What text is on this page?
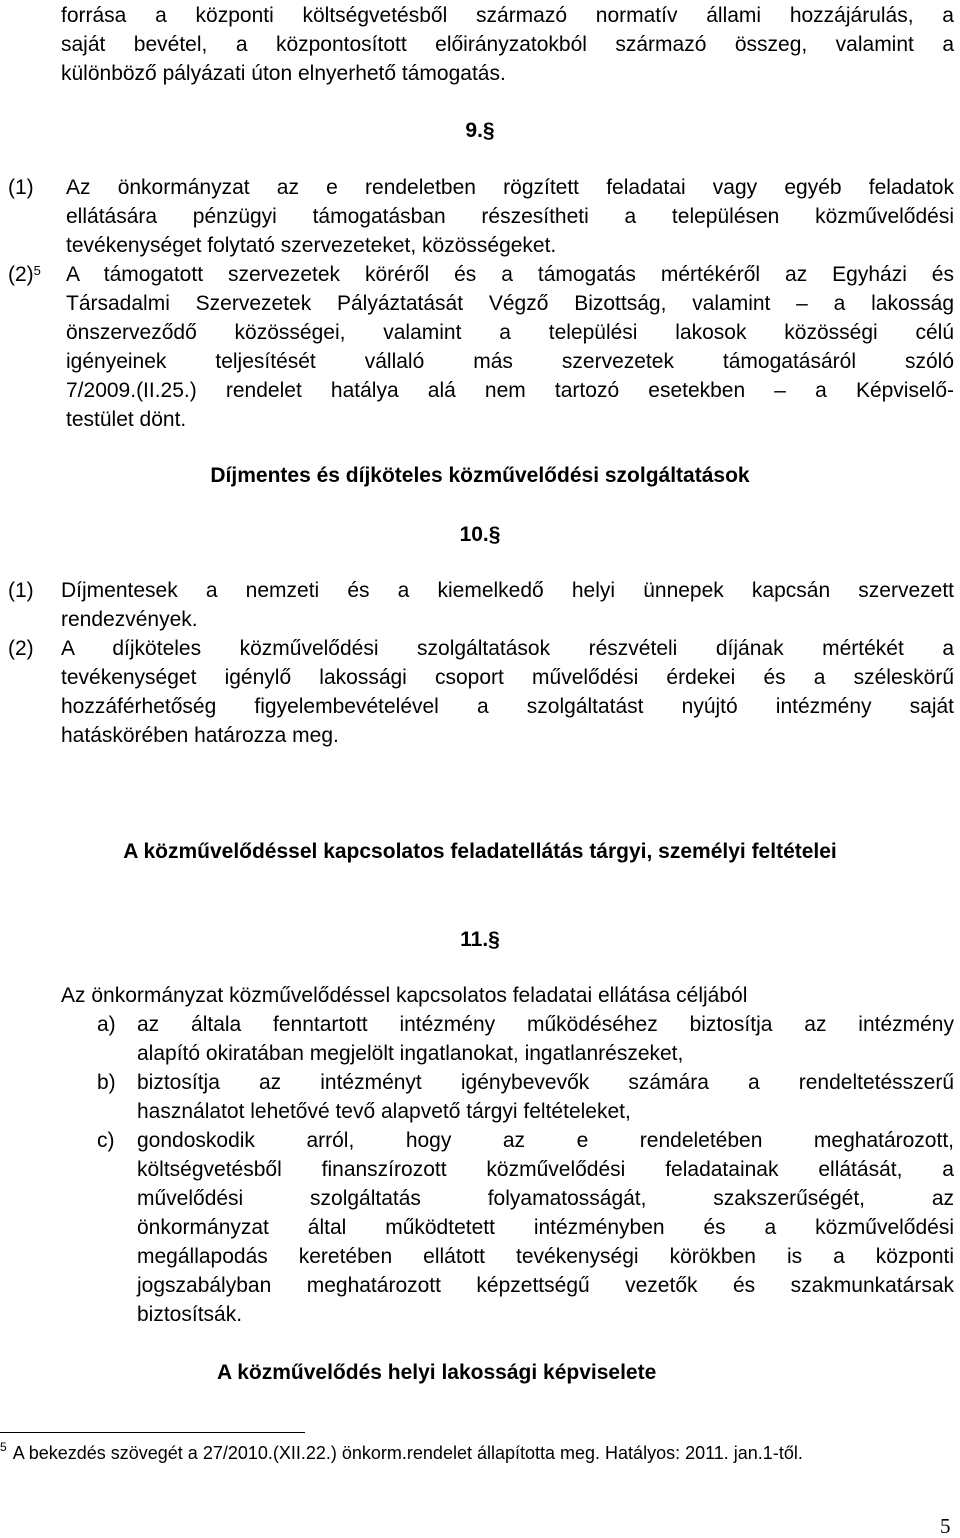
forrása a központi költségvetésből származó normatív állami hozzájárulás, a
saját bevétel, a központosított előirányzatokból származó összeg, valamint a
különböző pályázati úton elnyerhető támogatás.
9.§
(1) Az önkormányzat az e rendeletben rögzített feladatai vagy egyéb feladatok
ellátására pénzügyi támogatásban részesítheti a településen közművelődési
tevékenységet folytató szervezeteket, közösségeket.
$(2)^5$ A támogatott szervezetek köréről és a támogatás mértékéről az Egyházi és
Társadalmi Szervezetek Pályáztatását Végző Bizottság, valamint – a lakosság
önszerveződő közösségei, valamint a települési lakosok közösségi célú
igényeinek teljesítését vállaló más szervezetek támogatásáról szóló
7/2009.(II.25.) rendelet hatálya alá nem tartozó esetekben – a Képviselő-
testület dönt.
Díjmentes és díjköteles közművelődési szolgáltatások
10.§
(1) Díjmentesek a nemzeti és a kiemelkedő helyi ünnepek kapcsán szervezett
rendezvények.
(2) A díjköteles közművelődési szolgáltatások részvételi díjának mértékét a
tevékenységet igénylő lakossági csoport művelődési érdekei és a széleskörű
hozzáférhetőség figyelembevételével a szolgáltatást nyújtó intézmény saját
hatáskörében határozza meg.
A közművelődéssel kapcsolatos feladatellátás tárgyi, személyi feltételei
11.§
Az önkormányzat közművelődéssel kapcsolatos feladatai ellátása céljából
a) az általa fenntartott intézmény működéséhez biztosítja az intézmény
alapító okiratában megjelölt ingatlanokat, ingatlanrészeket,
b) biztosítja az intézményt igénybevevők számára a rendeltetésszerű
használatot lehetővé tevő alapvető tárgyi feltételeket,
c) gondoskodik arról, hogy az e rendeletében meghatározott,
költségvetésből finanszírozott közművelődési feladatainak ellátását, a
művelődési szolgáltatás folyamatosságát, szakszerűségét, az
önkormányzat által működtetett intézményben és a közművelődési
megállapodás keretében ellátott tevékenységi körökben is a központi
jogszabályban meghatározott képzettségű vezetők és szakmunkatársak
biztosítsák.
A közművelődés helyi lakossági képviselete
$^5$ A bekezdés szövegét a 27/2010.(XII.22.) önkorm.rendelet állapította meg. Hatályos: 2011. jan.1-től.
5
